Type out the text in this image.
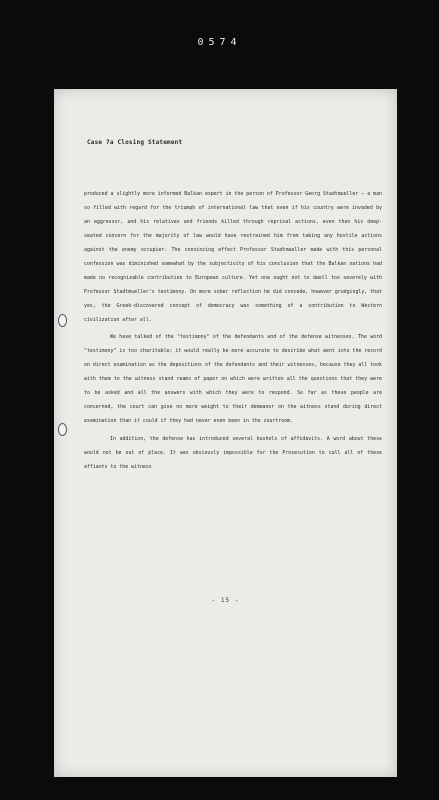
0574
Case 7a Closing Statement

produced a slightly more informed Balkan expert in the person of Professor Georg Stadtmueller — a man so filled with regard for the triumph of international law that even if his country were invaded by an aggressor, and his relatives and friends killed through reprisal actions, even then his deep-seated concern for the majority of law would have restrained him from taking any hostile actions against the enemy occupier. The convincing effect Professor Stadtmueller made with this personal confession was diminished somewhat by the subjectivity of his conclusion that the Balkan nations had made no recognizable contribution to European culture. Yet one ought not to dwell too severely with Professor Stadtmueller's testimony. On more sober reflection he did concede, however grudgingly, that yes, the Greek-discovered concept of democracy was something of a contribution to Western civilization after all.

We have talked of the "testimony" of the defendants and of the defense witnesses. The word "testimony" is too charitable; it would really be more accurate to describe what went into the record on direct examination as the depositions of the defendants and their witnesses, because they all took with them to the witness stand reams of paper on which were written all the questions that they were to be asked and all the answers with which they were to respond. So far as these people are concerned, the court can give no more weight to their demeanor on the witness stand during direct examination than it could if they had never even been in the courtroom.

In addition, the defense has introduced several bushels of affidavits. A word about these would not be out of place. It was obviously impossible for the Prosecution to call all of these affiants to the witness

- 15 -
